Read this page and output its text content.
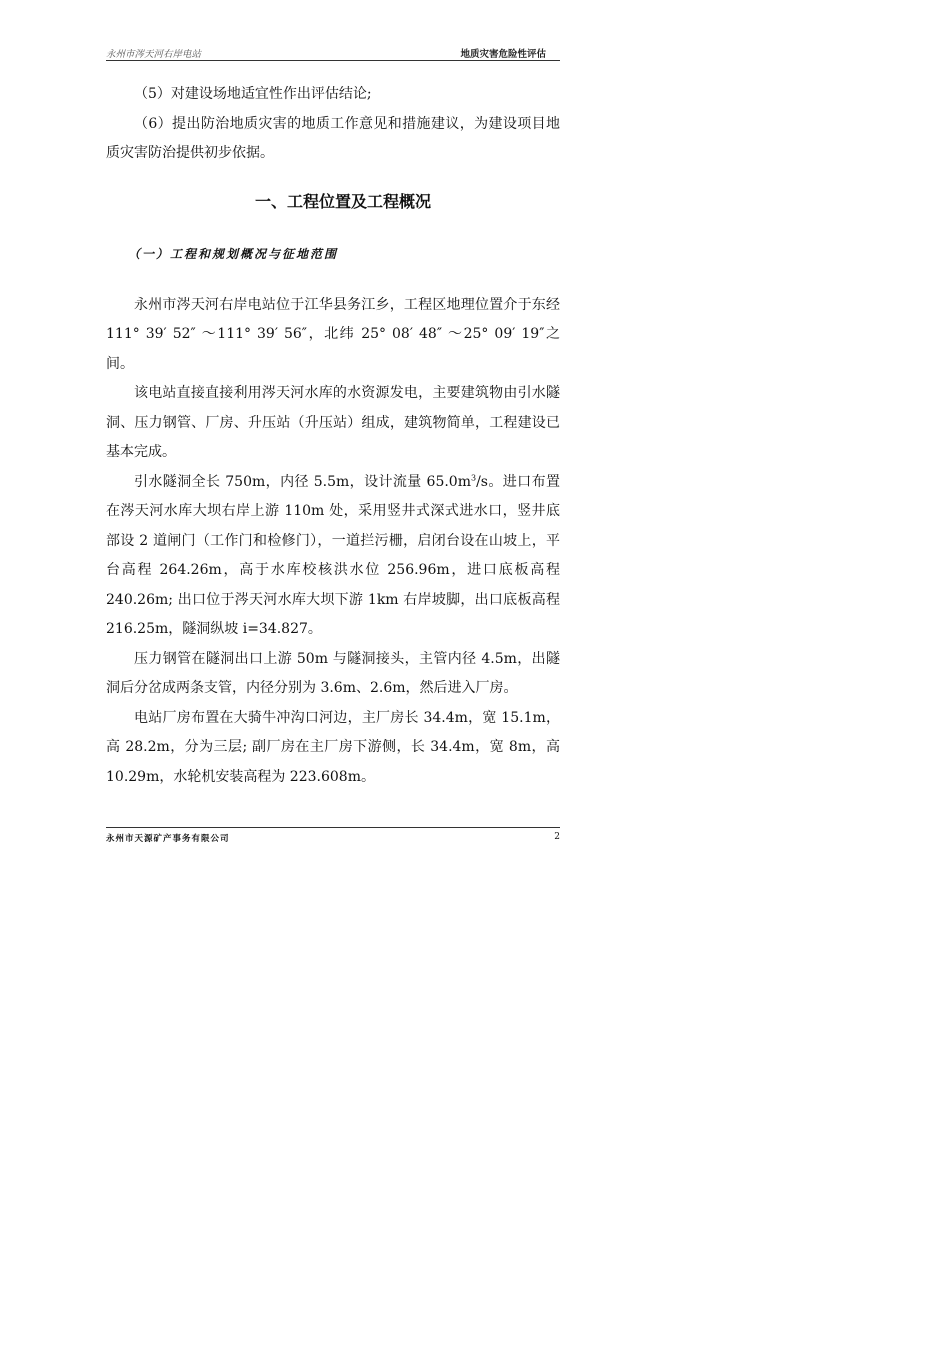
永州市涔天河右岸电站	地质灾害危险性评估

（5）对建设场地适宜性作出评估结论;

（6）提出防治地质灾害的地质工作意见和措施建议，为建设项目地质灾害防治提供初步依据。

一、工程位置及工程概况
（一）工程和规划概况与征地范围

永州市涔天河右岸电站位于江华县务江乡，工程区地理位置介于东经 111° 39′ 52″ ～111° 39′ 56″，北纬 25° 08′ 48″ ～25° 09′ 19″之间。

该电站直接直接利用涔天河水库的水资源发电，主要建筑物由引水隧洞、压力钢管、厂房、升压站（升压站）组成，建筑物简单，工程建设已基本完成。

引水隧洞全长 750m，内径 5.5m，设计流量 $65.0m^3/s$。进口布置在涔天河水库大坝右岸上游 110m 处，采用竖井式深式进水口，竖井底部设 2 道闸门（工作门和检修门），一道拦污栅，启闭台设在山坡上，平台高程 264.26m，高于水库校核洪水位 256.96m，进口底板高程 240.26m; 出口位于涔天河水库大坝下游 1km 右岸坡脚，出口底板高程 216.25m，隧洞纵坡 i=34.827。

压力钢管在隧洞出口上游 50m 与隧洞接头，主管内径 4.5m，出隧洞后分岔成两条支管，内径分别为 3.6m、2.6m，然后进入厂房。

电站厂房布置在大骑牛冲沟口河边，主厂房长 34.4m，宽 15.1m，高 28.2m，分为三层; 副厂房在主厂房下游侧，长 34.4m，宽 8m，高 10.29m，水轮机安装高程为 223.608m。

永州市天源矿产事务有限公司	2
